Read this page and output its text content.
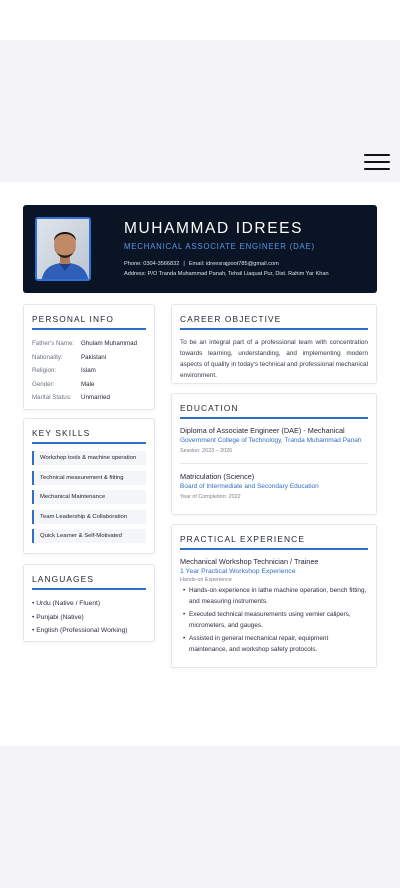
MUHAMMAD IDREES
MECHANICAL ASSOCIATE ENGINEER (DAE)
Phone: 0304-3566832 | Email: idreesrajpoot785@gmail.com
Address: P/O Tranda Muhammad Panah, Tehsil Liaquat Pur, Dist. Rahim Yar Khan
PERSONAL INFO
Father's Name:	Ghulam Muhammad
Nationality:	Pakistani
Religion:	Islam
Gender:	Male
Marital Status:	Unmarried
KEY SKILLS
Workshop tools & machine operation
Technical measurement & fitting
Mechanical Maintenance
Team Leadership & Collaboration
Quick Learner & Self-Motivated
LANGUAGES
• Urdu (Native / Fluent)
• Punjabi (Native)
• English (Professional Working)
CAREER OBJECTIVE
To be an integral part of a professional team with concentration towards learning, understanding, and implementing modern aspects of quality in today's technical and professional mechanical environment.
EDUCATION
Diploma of Associate Engineer (DAE) - Mechanical
Government College of Technology, Tranda Muhammad Panah
Session: 2023 – 2026
Matriculation (Science)
Board of Intermediate and Secondary Education
Year of Completion: 2022
PRACTICAL EXPERIENCE
Mechanical Workshop Technician / Trainee
1 Year Practical Workshop Experience
Hands-on Experience
• Hands-on experience in lathe machine operation, bench fitting, and measuring instruments.
• Executed technical measurements using vernier calipers, micrometers, and gauges.
• Assisted in general mechanical repair, equipment maintenance, and workshop safety protocols.
